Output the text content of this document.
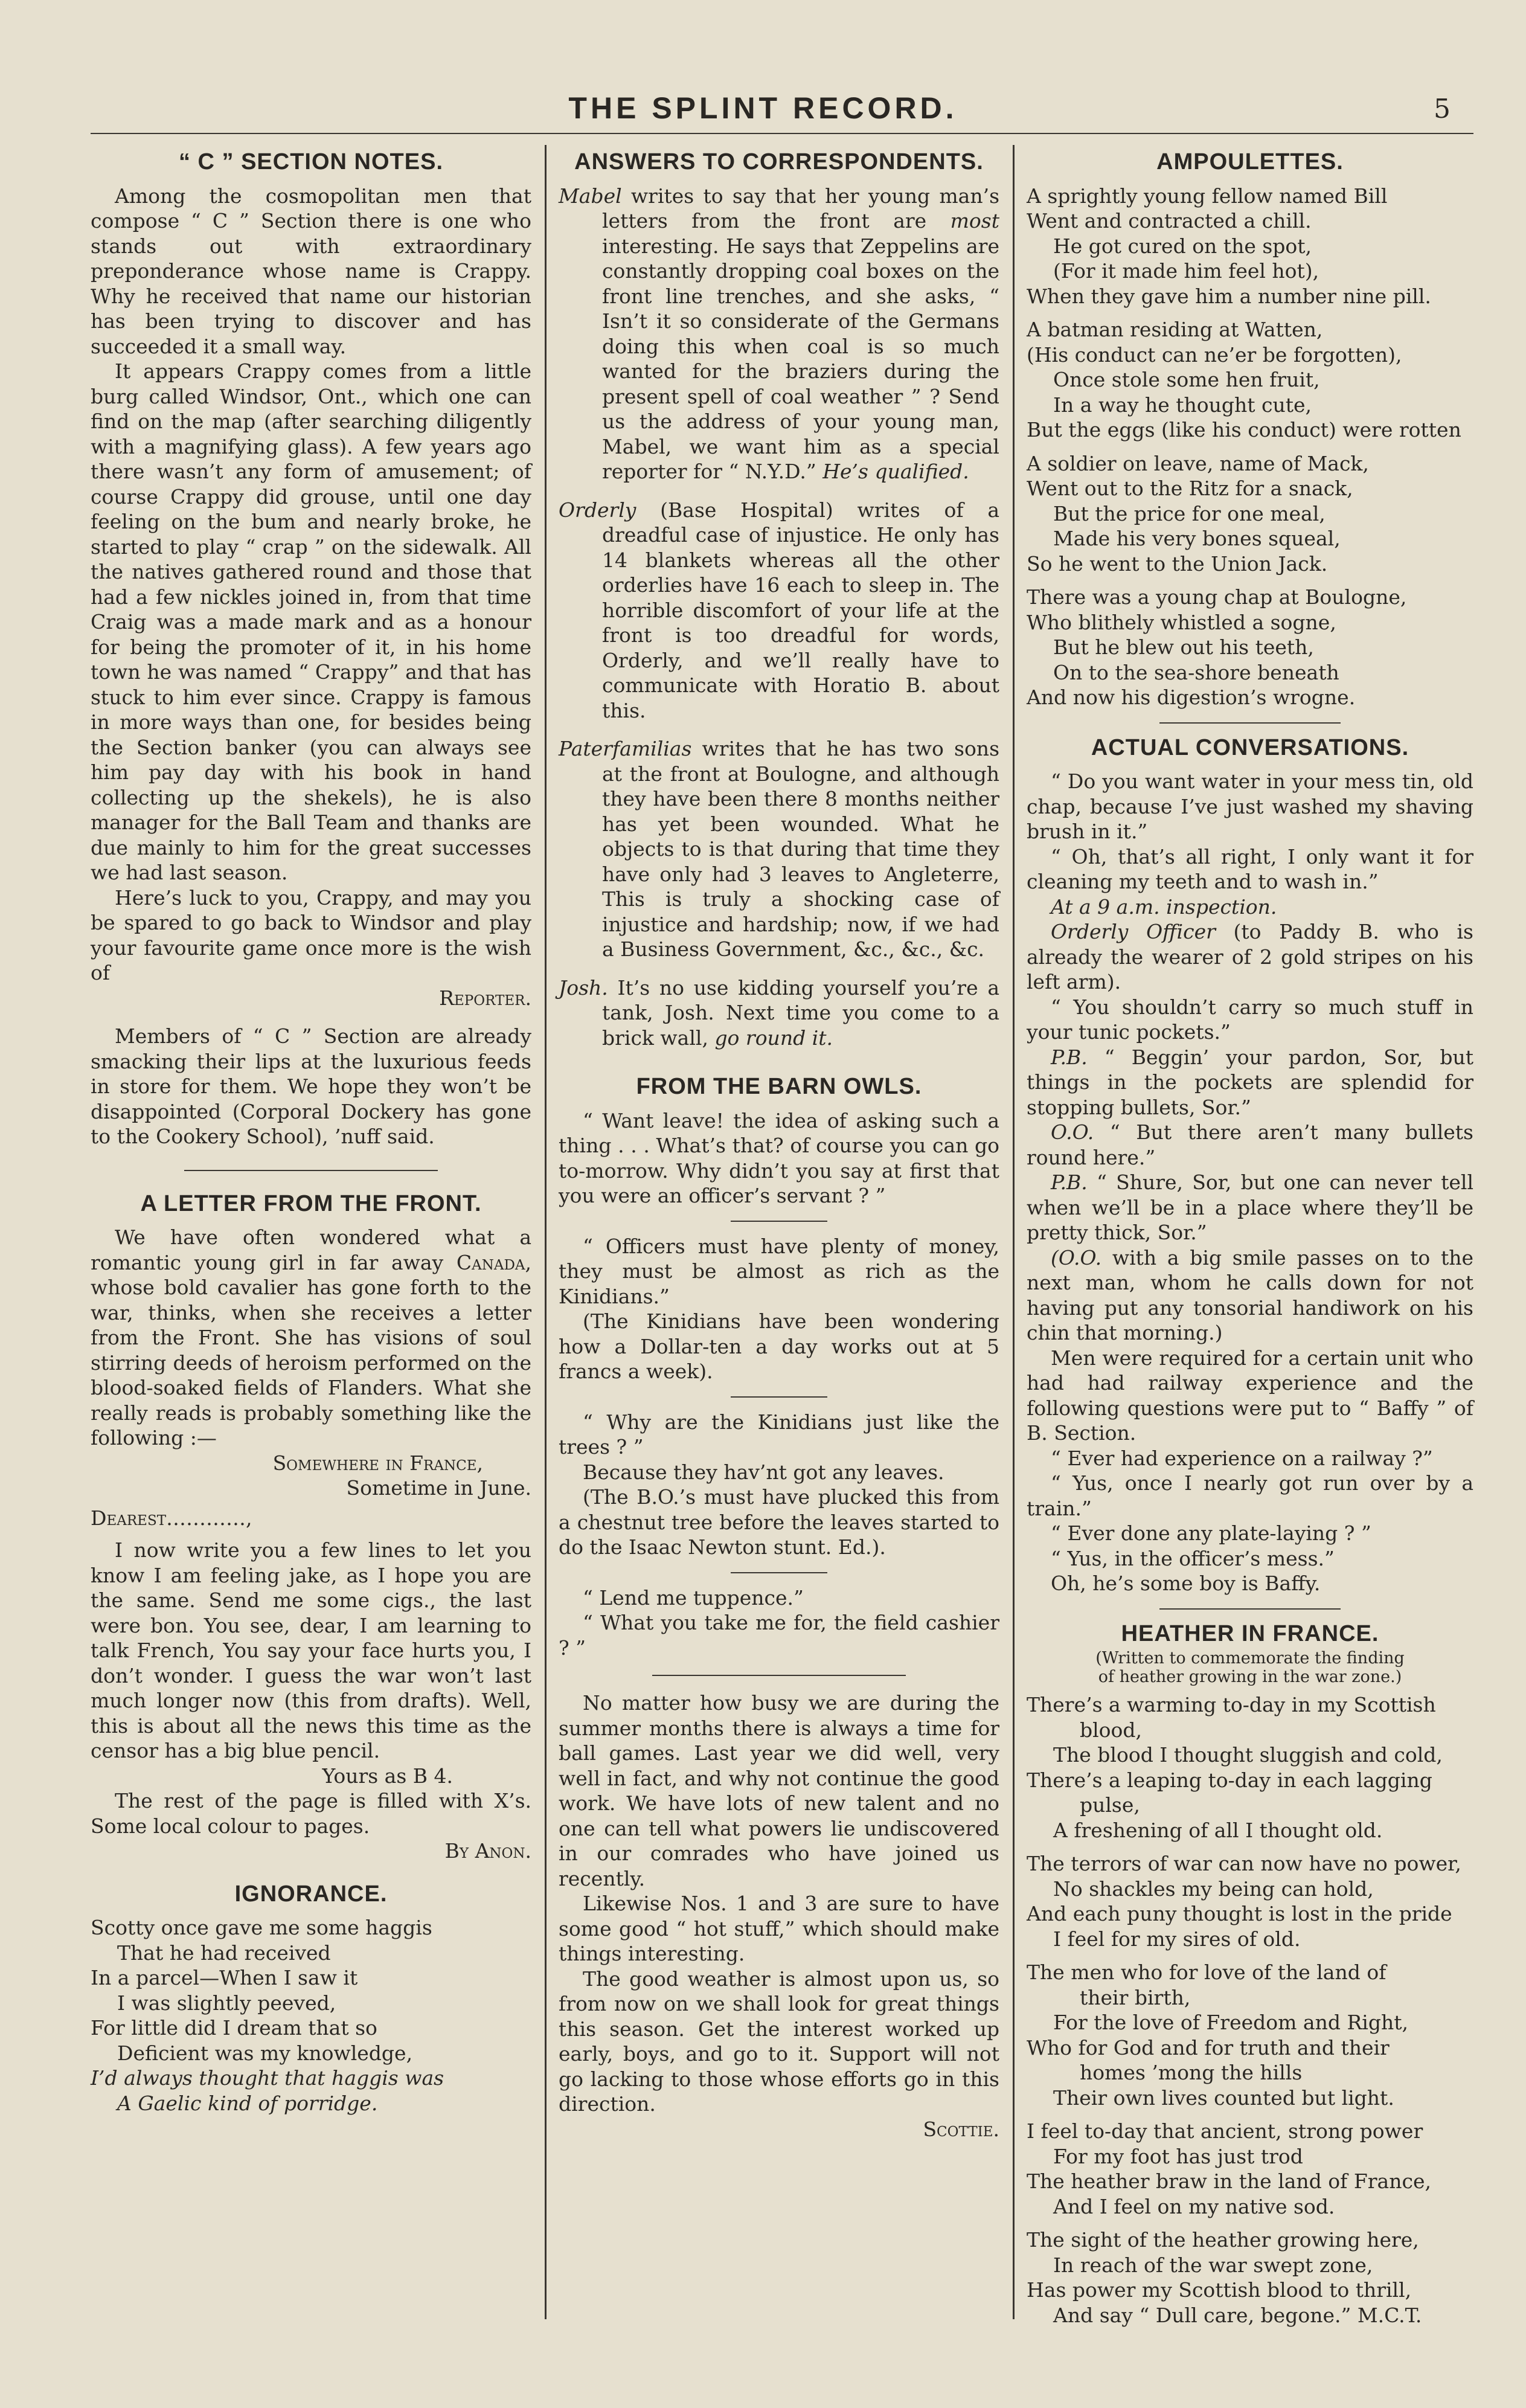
THE SPLINT RECORD.	5
“ C ” SECTION NOTES.

Among the cosmopolitan men that compose “ C ” Section there is one who stands out with extraordinary preponderance whose name is Crappy. Why he received that name our historian has been trying to discover and has succeeded it a small way.

It appears Crappy comes from a little burg called Windsor, Ont., which one can find on the map (after searching diligently with a magnifying glass). A few years ago there wasn’t any form of amusement; of course Crappy did grouse, until one day feeling on the bum and nearly broke, he started to play “ crap ” on the sidewalk. All the natives gathered round and those that had a few nickles joined in, from that time Craig was a made mark and as a honour for being the promoter of it, in his home town he was named “ Crappy” and that has stuck to him ever since. Crappy is famous in more ways than one, for besides being the Section banker (you can always see him pay day with his book in hand collecting up the shekels), he is also manager for the Ball Team and thanks are due mainly to him for the great successes we had last season.

Here’s luck to you, Crappy, and may you be spared to go back to Windsor and play your favourite game once more is the wish of

Reporter.

Members of “ C ” Section are already smacking their lips at the luxurious feeds in store for them. We hope they won’t be disappointed (Corporal Dockery has gone to the Cookery School), ’nuff said.

A LETTER FROM THE FRONT.

We have often wondered what a romantic young girl in far away Canada, whose bold cavalier has gone forth to the war, thinks, when she receives a letter from the Front. She has visions of soul stirring deeds of heroism performed on the blood-soaked fields of Flanders. What she really reads is probably something like the following :—

Somewhere in France,

Sometime in June.

Dearest…………,

I now write you a few lines to let you know I am feeling jake, as I hope you are the same. Send me some cigs., the last were bon. You see, dear, I am learning to talk French, You say your face hurts you, I don’t wonder. I guess the war won’t last much longer now (this from drafts). Well, this is about all the news this time as the censor has a big blue pencil.

Yours as B 4.

The rest of the page is filled with X’s. Some local colour to pages.

By Anon.

IGNORANCE.
Scotty once gave me some haggis
That he had received
In a parcel—When I saw it
I was slightly peeved,
For little did I dream that so
Deficient was my knowledge,
I’d always thought that haggis was
A Gaelic kind of porridge.
ANSWERS TO CORRESPONDENTS.

Mabel writes to say that her young man’s letters from the front are most interesting. He says that Zeppelins are constantly dropping coal boxes on the front line trenches, and she asks, “ Isn’t it so considerate of the Germans doing this when coal is so much wanted for the braziers during the present spell of coal weather ” ? Send us the address of your young man, Mabel, we want him as a special reporter for “ N.Y.D.” He’s qualified.

Orderly (Base Hospital) writes of a dreadful case of injustice. He only has 14 blankets whereas all the other orderlies have 16 each to sleep in. The horrible discomfort of your life at the front is too dreadful for words, Orderly, and we’ll really have to communicate with Horatio B. about this.

Paterfamilias writes that he has two sons at the front at Boulogne, and although they have been there 8 months neither has yet been wounded. What he objects to is that during that time they have only had 3 leaves to Angleterre, This is truly a shocking case of injustice and hardship; now, if we had a Business Government, &c., &c., &c.

Josh. It’s no use kidding yourself you’re a tank, Josh. Next time you come to a brick wall, go round it.

FROM THE BARN OWLS.

“ Want leave! the idea of asking such a thing . . . What’s that? of course you can go to-morrow. Why didn’t you say at first that you were an officer’s servant ? ”

“ Officers must have plenty of money, they must be almost as rich as the Kinidians.”

(The Kinidians have been wondering how a Dollar-ten a day works out at 5 francs a week).

“ Why are the Kinidians just like the trees ? ”

Because they hav’nt got any leaves.

(The B.O.’s must have plucked this from a chestnut tree before the leaves started to do the Isaac Newton stunt. Ed.).

“ Lend me tuppence.”

“ What you take me for, the field cashier ? ”

No matter how busy we are during the summer months there is always a time for ball games. Last year we did well, very well in fact, and why not continue the good work. We have lots of new talent and no one can tell what powers lie undiscovered in our comrades who have joined us recently.

Likewise Nos. 1 and 3 are sure to have some good “ hot stuff,” which should make things interesting.

The good weather is almost upon us, so from now on we shall look for great things this season. Get the interest worked up early, boys, and go to it. Support will not go lacking to those whose efforts go in this direction.

Scottie.

AMPOULETTES.
A sprightly young fellow named Bill
Went and contracted a chill.
He got cured on the spot,
(For it made him feel hot),
When they gave him a number nine pill.
A batman residing at Watten,
(His conduct can ne’er be forgotten),
Once stole some hen fruit,
In a way he thought cute,
But the eggs (like his conduct) were rotten
A soldier on leave, name of Mack,
Went out to the Ritz for a snack,
But the price for one meal,
Made his very bones squeal,
So he went to the Union Jack.
There was a young chap at Boulogne,
Who blithely whistled a sogne,
But he blew out his teeth,
On to the sea-shore beneath
And now his digestion’s wrogne.
ACTUAL CONVERSATIONS.

“ Do you want water in your mess tin, old chap, because I’ve just washed my shaving brush in it.”

“ Oh, that’s all right, I only want it for cleaning my teeth and to wash in.”

At a 9 a.m. inspection.

Orderly Officer (to Paddy B. who is already the wearer of 2 gold stripes on his left arm).

“ You shouldn’t carry so much stuff in your tunic pockets.”

P.B. “ Beggin’ your pardon, Sor, but things in the pockets are splendid for stopping bullets, Sor.”

O.O. “ But there aren’t many bullets round here.”

P.B. “ Shure, Sor, but one can never tell when we’ll be in a place where they’ll be pretty thick, Sor.”

(O.O. with a big smile passes on to the next man, whom he calls down for not having put any tonsorial handiwork on his chin that morning.)

Men were required for a certain unit who had had railway experience and the following questions were put to “ Baffy ” of B. Section.

“ Ever had experience on a railway ?”

“ Yus, once I nearly got run over by a train.”

“ Ever done any plate-laying ? ”

“ Yus, in the officer’s mess.”

Oh, he’s some boy is Baffy.

HEATHER IN FRANCE.
(Written to commemorate the finding
of heather growing in the war zone.)
There’s a warming to-day in my Scottish
blood,
The blood I thought sluggish and cold,
There’s a leaping to-day in each lagging
pulse,
A freshening of all I thought old.
The terrors of war can now have no power,
No shackles my being can hold,
And each puny thought is lost in the pride
I feel for my sires of old.
The men who for love of the land of
their birth,
For the love of Freedom and Right,
Who for God and for truth and their
homes ’mong the hills
Their own lives counted but light.
I feel to-day that ancient, strong power
For my foot has just trod
The heather braw in the land of France,
And I feel on my native sod.
The sight of the heather growing here,
In reach of the war swept zone,
Has power my Scottish blood to thrill,
And say “ Dull care, begone.” M.C.T.
